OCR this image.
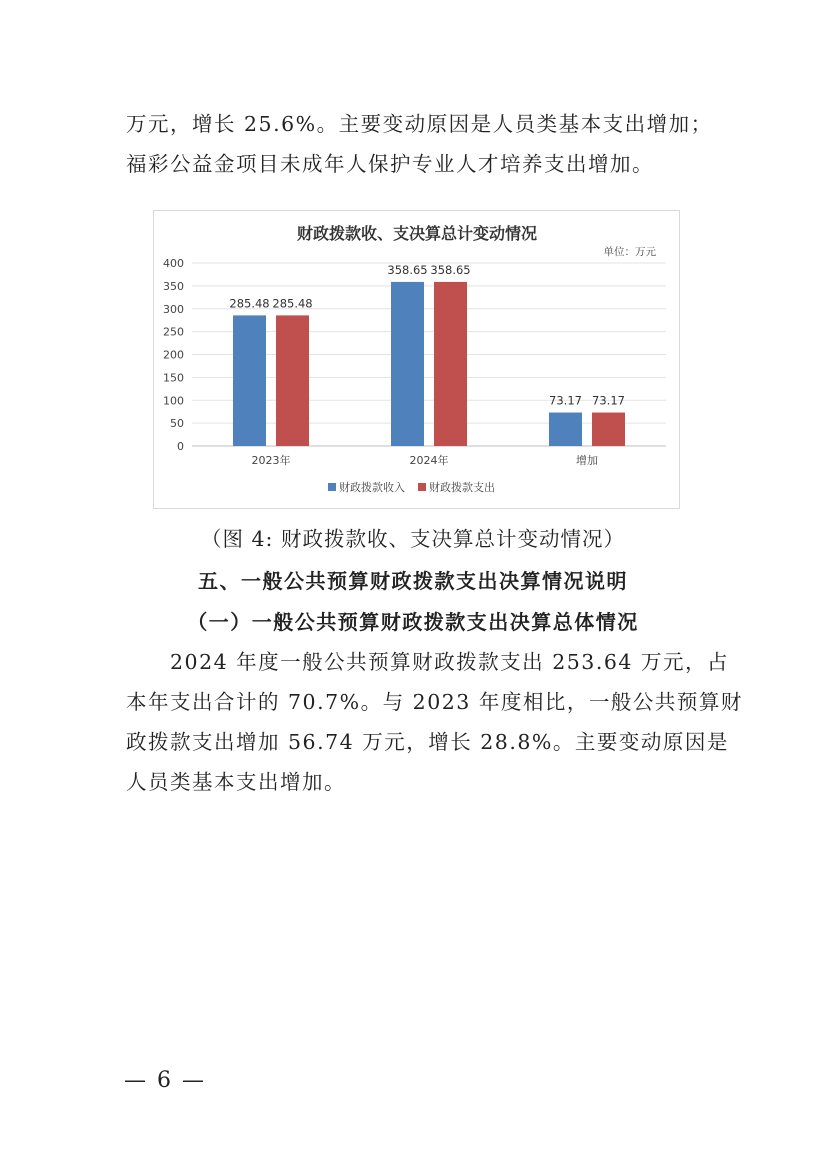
万元，增长 25.6%。主要变动原因是人员类基本支出增加；
福彩公益金项目未成年人保护专业人才培养支出增加。
财政拨款收、支决算总计变动情况
单位：万元
0
50
100
150
200
250
300
350
400
2023年	2024年	增加
285.48 285.48
358.65 358.65
73.17 73.17
财政拨款收入 财政拨款支出

（图 4: 财政拨款收、支决算总计变动情况）

五、一般公共预算财政拨款支出决算情况说明

（一）一般公共预算财政拨款支出决算总体情况

2024 年度一般公共预算财政拨款支出 253.64 万元，占
本年支出合计的 70.7%。与 2023 年度相比，一般公共预算财
政拨款支出增加 56.74 万元，增长 28.8%。主要变动原因是
人员类基本支出增加。

— 6 —
